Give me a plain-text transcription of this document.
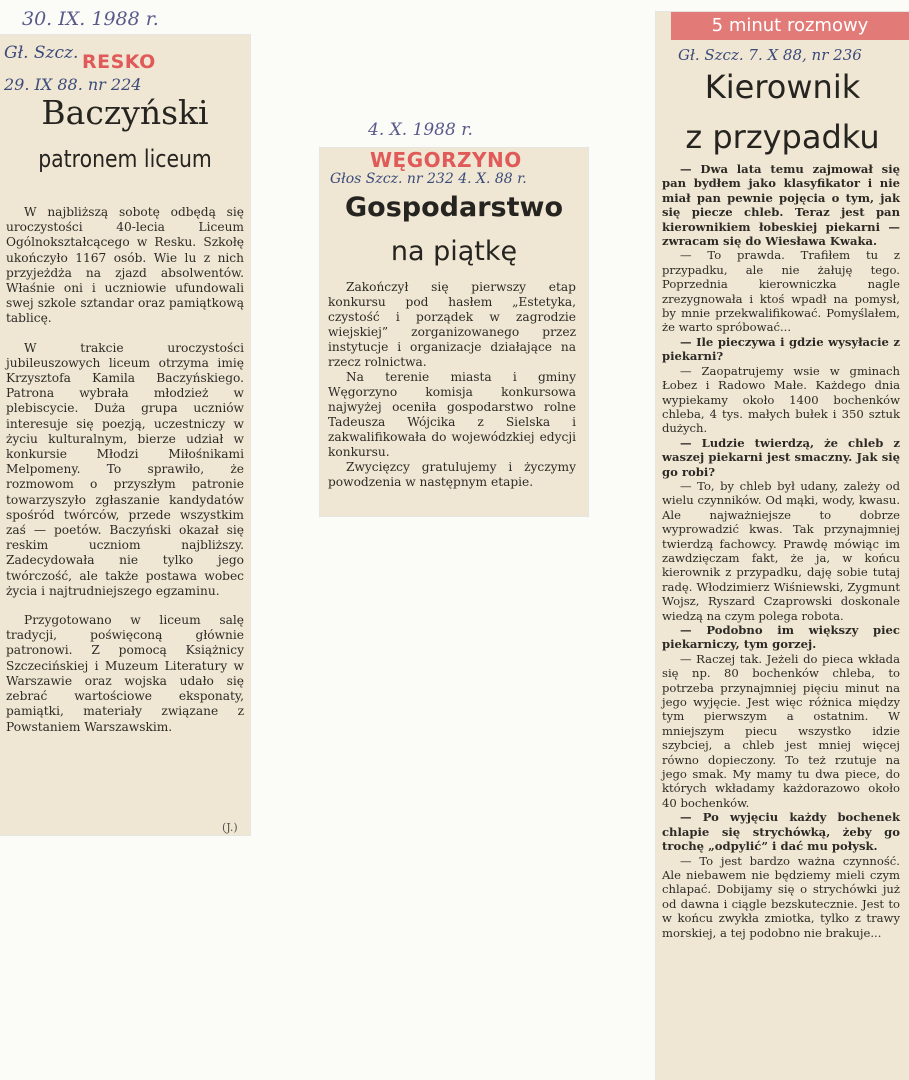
30. IX. 1988 r.
Gł. Szcz. RESKO
29. IX 88. nr 224
Baczyński
patronem liceum

W najbliższą sobotę odbędą się uroczystości 40-lecia Liceum Ogólnokształcącego w Resku. Szkołę ukończyło 1167 osób. Wie lu z nich przyjeżdża na zjazd absolwentów. Właśnie oni i uczniowie ufundowali swej szkole sztandar oraz pamiątkową tablicę.

W trakcie uroczystości jubileuszowych liceum otrzyma imię Krzysztofa Kamila Baczyńskiego. Patrona wybrała młodzież w plebiscycie. Duża grupa uczniów interesuje się poezją, uczestniczy w życiu kulturalnym, bierze udział w konkursie Młodzi Miłośnikami Melpomeny. To sprawiło, że rozmowom o przyszłym patronie towarzyszyło zgłaszanie kandydatów spośród twórców, przede wszystkim zaś — poetów. Baczyński okazał się reskim uczniom najbliższy. Zadecydowała nie tylko jego twórczość, ale także postawa wobec życia i najtrudniejszego egzaminu.

Przygotowano w liceum salę tradycji, poświęconą głównie patronowi. Z pomocą Książnicy Szczecińskiej i Muzeum Literatury w Warszawie oraz wojska udało się zebrać wartościowe eksponaty, pamiątki, materiały związane z Powstaniem Warszawskim.

(J.)
4. X. 1988 r.
WĘGORZYNO
Głos Szcz. nr 232 4. X. 88 r.
Gospodarstwo
na piątkę

Zakończył się pierwszy etap konkursu pod hasłem „Estetyka, czystość i porządek w zagrodzie wiejskiej” zorganizowanego przez instytucje i organizacje działające na rzecz rolnictwa.

Na terenie miasta i gminy Węgorzyno komisja konkursowa najwyżej oceniła gospodarstwo rolne Tadeusza Wójcika z Sielska i zakwalifikowała do wojewódzkiej edycji konkursu.

Zwycięzcy gratulujemy i życzymy powodzenia w następnym etapie.

5 minut rozmowy
Gł. Szcz. 7. X 88, nr 236
Kierownik
z przypadku

— Dwa lata temu zajmował się pan bydłem jako klasyfikator i nie miał pan pewnie pojęcia o tym, jak się piecze chleb. Teraz jest pan kierownikiem łobeskiej piekarni — zwracam się do Wiesława Kwaka.

— To prawda. Trafiłem tu z przypadku, ale nie żałuję tego. Poprzednia kierowniczka nagle zrezygnowała i ktoś wpadł na pomysł, by mnie przekwalifikować. Pomyślałem, że warto spróbować...

— Ile pieczywa i gdzie wysyłacie z piekarni?

— Zaopatrujemy wsie w gminach Łobez i Radowo Małe. Każdego dnia wypiekamy około 1400 bochenków chleba, 4 tys. małych bułek i 350 sztuk dużych.

— Ludzie twierdzą, że chleb z waszej piekarni jest smaczny. Jak się go robi?

— To, by chleb był udany, zależy od wielu czynników. Od mąki, wody, kwasu. Ale najważniejsze to dobrze wyprowadzić kwas. Tak przynajmniej twierdzą fachowcy. Prawdę mówiąc im zawdzięczam fakt, że ja, w końcu kierownik z przypadku, daję sobie tutaj radę. Włodzimierz Wiśniewski, Zygmunt Wojsz, Ryszard Czaprowski doskonale wiedzą na czym polega robota.

— Podobno im większy piec piekarniczy, tym gorzej.

— Raczej tak. Jeżeli do pieca wkłada się np. 80 bochenków chleba, to potrzeba przynajmniej pięciu minut na jego wyjęcie. Jest więc różnica między tym pierwszym a ostatnim. W mniejszym piecu wszystko idzie szybciej, a chleb jest mniej więcej równo dopieczony. To też rzutuje na jego smak. My mamy tu dwa piece, do których wkładamy każdorazowo około 40 bochenków.

— Po wyjęciu każdy bochenek chlapie się strychówką, żeby go trochę „odpylić” i dać mu połysk.

— To jest bardzo ważna czynność. Ale niebawem nie będziemy mieli czym chlapać. Dobijamy się o strychówki już od dawna i ciągle bezskutecznie. Jest to w końcu zwykła zmiotka, tylko z trawy morskiej, a tej podobno nie brakuje...
